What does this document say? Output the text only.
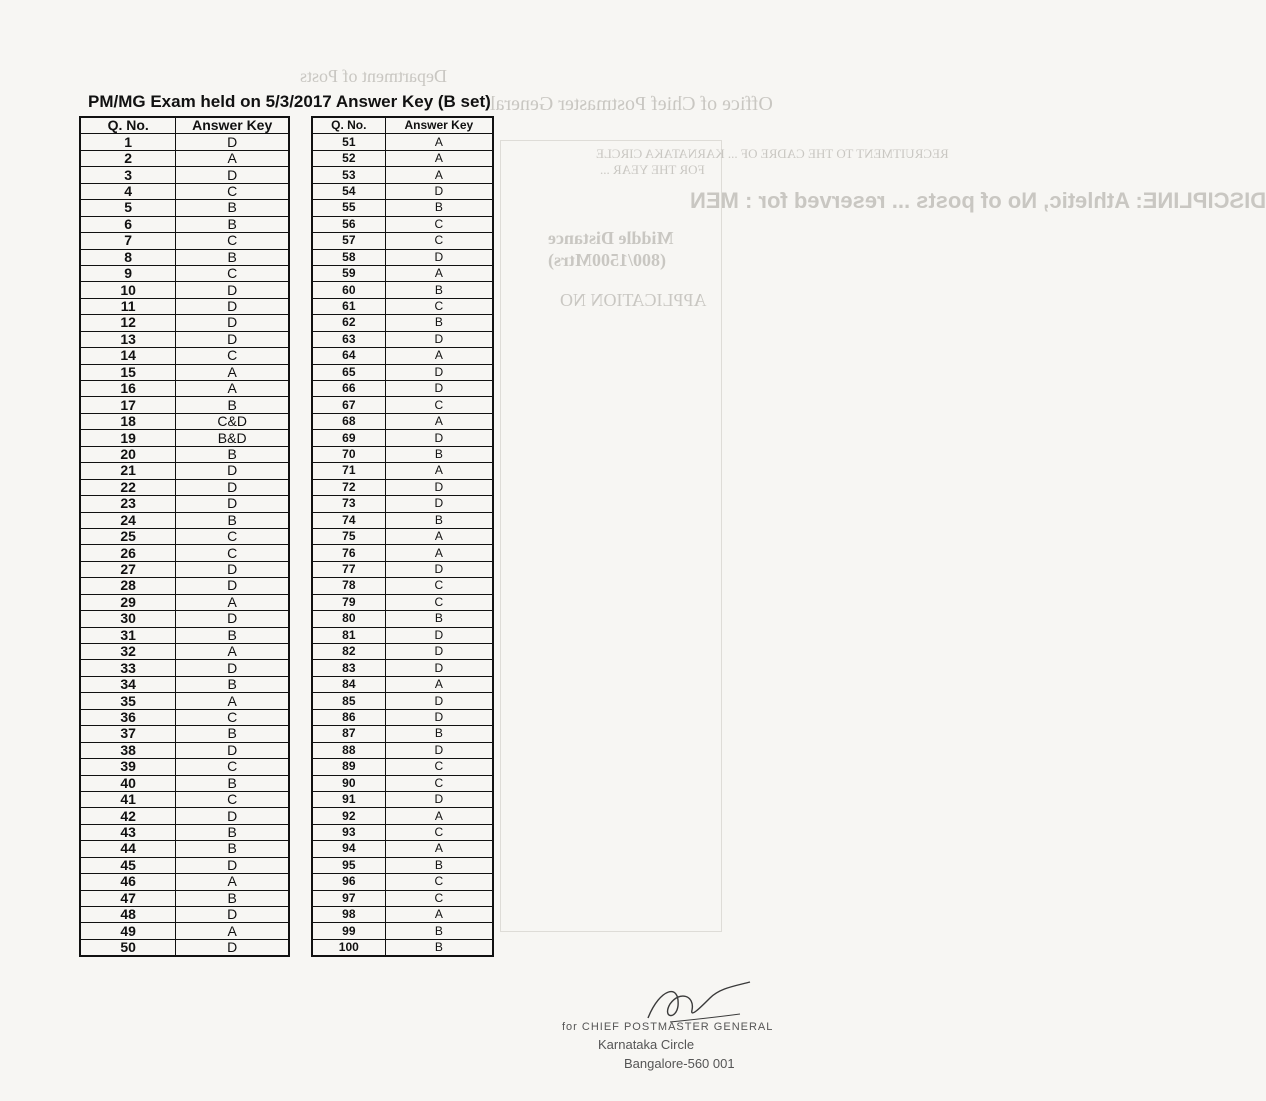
Department of Posts
Office of Chief Postmaster General
RECRUITMENT TO THE CADRE OF ... KARNATAKA CIRCLE
FOR THE YEAR ...
DISCIPLINE: Athletic, No of posts ... reserved for : MEN
Middle Distance
(800/1500Mtrs)
APPLICATION NO
PM/MG Exam held on 5/3/2017 Answer Key (B set)
Q. No.	Answer Key
1	D
2	A
3	D
4	C
5	B
6	B
7	C
8	B
9	C
10	D
11	D
12	D
13	D
14	C
15	A
16	A
17	B
18	C&D
19	B&D
20	B
21	D
22	D
23	D
24	B
25	C
26	C
27	D
28	D
29	A
30	D
31	B
32	A
33	D
34	B
35	A
36	C
37	B
38	D
39	C
40	B
41	C
42	D
43	B
44	B
45	D
46	A
47	B
48	D
49	A
50	D
Q. No.	Answer Key
51	A
52	A
53	A
54	D
55	B
56	C
57	C
58	D
59	A
60	B
61	C
62	B
63	D
64	A
65	D
66	D
67	C
68	A
69	D
70	B
71	A
72	D
73	D
74	B
75	A
76	A
77	D
78	C
79	C
80	B
81	D
82	D
83	D
84	A
85	D
86	D
87	B
88	D
89	C
90	C
91	D
92	A
93	C
94	A
95	B
96	C
97	C
98	A
99	B
100	B
for CHIEF POSTMASTER GENERAL
Karnataka Circle
Bangalore-560 001
